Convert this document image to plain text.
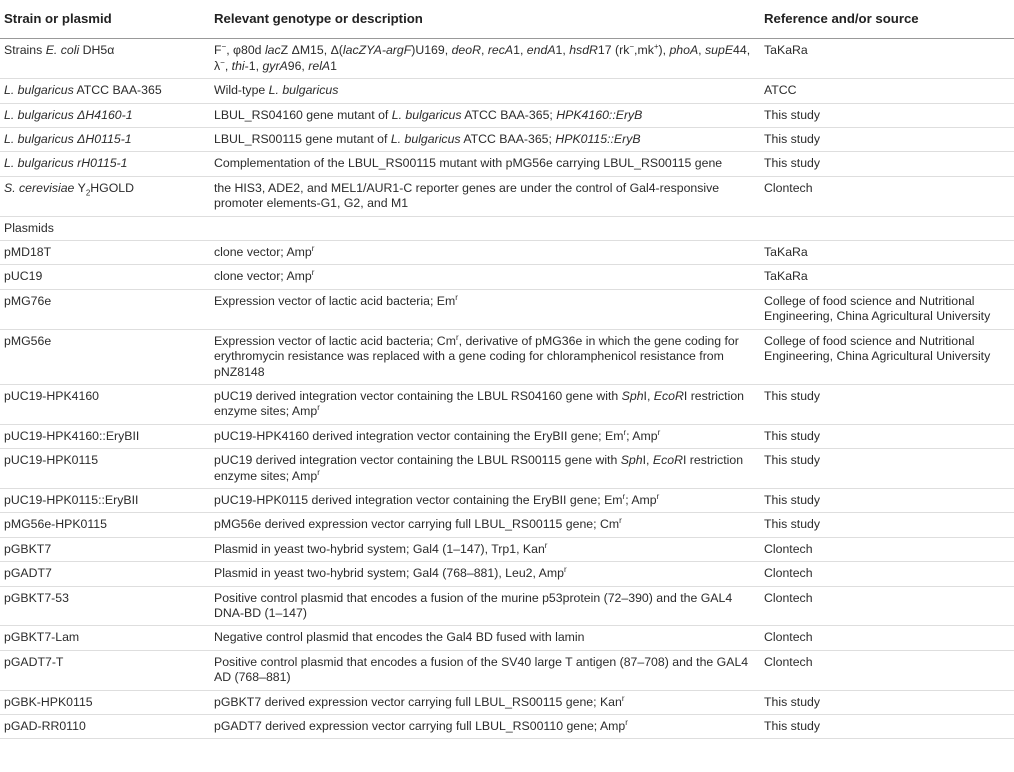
Strain or plasmid	Relevant genotype or description	Reference and/or source
Strains E. coli DH5α	F−, φ80d lacZ ΔM15, Δ(lacZYA-argF)U169, deoR, recA1, endA1, hsdR17 (rk−,mk+), phoA, supE44, λ−, thi-1, gyrA96, relA1	TaKaRa
L. bulgaricus ATCC BAA-365	Wild-type L. bulgaricus	ATCC
L. bulgaricus ΔH4160-1	LBUL_RS04160 gene mutant of L. bulgaricus ATCC BAA-365; HPK4160::EryB	This study
L. bulgaricus ΔH0115-1	LBUL_RS00115 gene mutant of L. bulgaricus ATCC BAA-365; HPK0115::EryB	This study
L. bulgaricus rH0115-1	Complementation of the LBUL_RS00115 mutant with pMG56e carrying LBUL_RS00115 gene	This study
S. cerevisiae $Y_2HGOLD$	the HIS3, ADE2, and MEL1/AUR1-C reporter genes are under the control of Gal4-responsive promoter elements-G1, G2, and M1	Clontech
Plasmids		
pMD18T	clone vector; Amp$^r$	TaKaRa
pUC19	clone vector; Amp$^r$	TaKaRa
pMG76e	Expression vector of lactic acid bacteria; Em$^r$	College of food science and Nutritional Engineering, China Agricultural University
pMG56e	Expression vector of lactic acid bacteria; Cm$^r$, derivative of pMG36e in which the gene coding for erythromycin resistance was replaced with a gene coding for chloramphenicol resistance from pNZ8148	College of food science and Nutritional Engineering, China Agricultural University
pUC19-HPK4160	pUC19 derived integration vector containing the LBUL RS04160 gene with SphI, EcoRI restriction enzyme sites; Amp$^r$	This study
pUC19-HPK4160::EryBII	pUC19-HPK4160 derived integration vector containing the EryBII gene; Em$^r$; Amp$^r$	This study
pUC19-HPK0115	pUC19 derived integration vector containing the LBUL RS00115 gene with SphI, EcoRI restriction enzyme sites; Amp$^r$	This study
pUC19-HPK0115::EryBII	pUC19-HPK0115 derived integration vector containing the EryBII gene; Em$^r$; Amp$^r$	This study
pMG56e-HPK0115	pMG56e derived expression vector carrying full LBUL_RS00115 gene; Cm$^r$	This study
pGBKT7	Plasmid in yeast two-hybrid system; Gal4 (1–147), Trp1, Kan$^r$	Clontech
pGADT7	Plasmid in yeast two-hybrid system; Gal4 (768–881), Leu2, Amp$^r$	Clontech
pGBKT7-53	Positive control plasmid that encodes a fusion of the murine p53protein (72–390) and the GAL4 DNA-BD (1–147)	Clontech
pGBKT7-Lam	Negative control plasmid that encodes the Gal4 BD fused with lamin	Clontech
pGADT7-T	Positive control plasmid that encodes a fusion of the SV40 large T antigen (87–708) and the GAL4 AD (768–881)	Clontech
pGBK-HPK0115	pGBKT7 derived expression vector carrying full LBUL_RS00115 gene; Kan$^r$	This study
pGAD-RR0110	pGADT7 derived expression vector carrying full LBUL_RS00110 gene; Amp$^r$	This study
